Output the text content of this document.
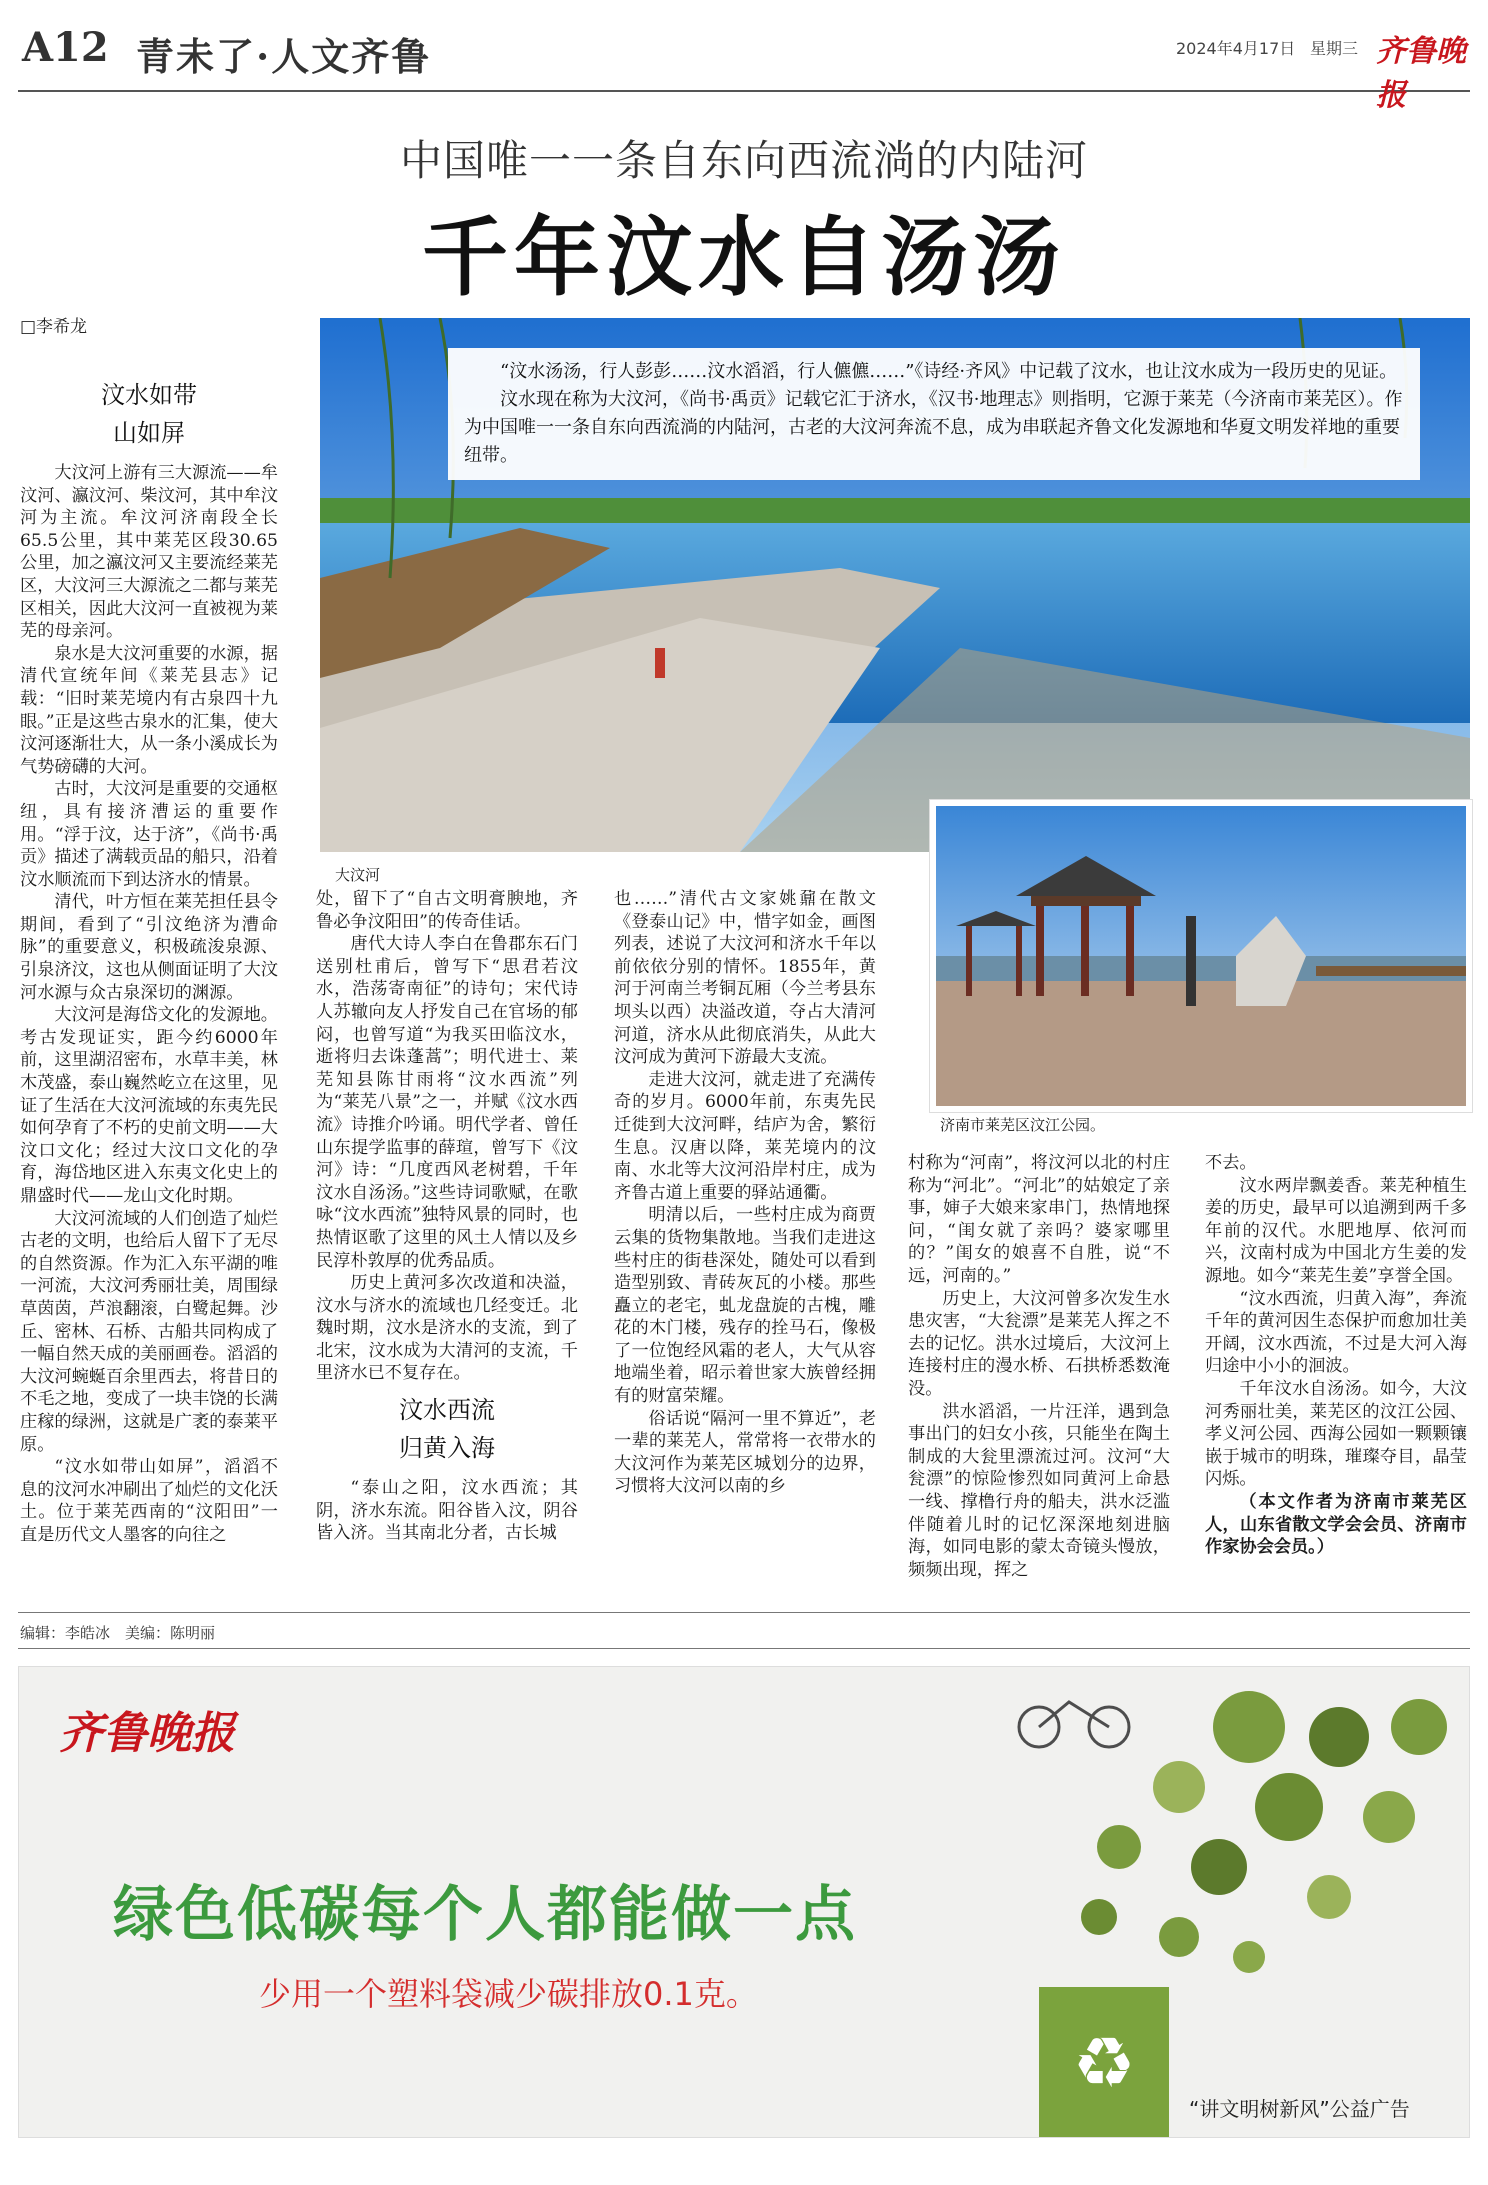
A12 青未了·人文齐鲁	2024年4月17日 星期三 齐鲁晚报
中国唯一一条自东向西流淌的内陆河
千年汶水自汤汤
□李希龙

“汶水汤汤，行人彭彭……汶水滔滔，行人儦儦……”《诗经·齐风》中记载了汶水，也让汶水成为一段历史的见证。

汶水现在称为大汶河，《尚书·禹贡》记载它汇于济水，《汉书·地理志》则指明，它源于莱芜（今济南市莱芜区）。作为中国唯一一条自东向西流淌的内陆河，古老的大汶河奔流不息，成为串联起齐鲁文化发源地和华夏文明发祥地的重要纽带。

大汶河
济南市莱芜区汶江公园。
汶水如带
山如屏

大汶河上游有三大源流——牟汶河、瀛汶河、柴汶河，其中牟汶河为主流。牟汶河济南段全长65.5公里，其中莱芜区段30.65公里，加之瀛汶河又主要流经莱芜区，大汶河三大源流之二都与莱芜区相关，因此大汶河一直被视为莱芜的母亲河。

泉水是大汶河重要的水源，据清代宣统年间《莱芜县志》记载：“旧时莱芜境内有古泉四十九眼。”正是这些古泉水的汇集，使大汶河逐渐壮大，从一条小溪成长为气势磅礴的大河。

古时，大汶河是重要的交通枢纽，具有接济漕运的重要作用。“浮于汶，达于济”，《尚书·禹贡》描述了满载贡品的船只，沿着汶水顺流而下到达济水的情景。

清代，叶方恒在莱芜担任县令期间，看到了“引汶绝济为漕命脉”的重要意义，积极疏浚泉源、引泉济汶，这也从侧面证明了大汶河水源与众古泉深切的渊源。

大汶河是海岱文化的发源地。考古发现证实，距今约6000年前，这里湖沼密布，水草丰美，林木茂盛，泰山巍然屹立在这里，见证了生活在大汶河流域的东夷先民如何孕育了不朽的史前文明——大汶口文化；经过大汶口文化的孕育，海岱地区进入东夷文化史上的鼎盛时代——龙山文化时期。

大汶河流域的人们创造了灿烂古老的文明，也给后人留下了无尽的自然资源。作为汇入东平湖的唯一河流，大汶河秀丽壮美，周围绿草茵茵，芦浪翻滚，白鹭起舞。沙丘、密林、石桥、古船共同构成了一幅自然天成的美丽画卷。滔滔的大汶河蜿蜒百余里西去，将昔日的不毛之地，变成了一块丰饶的长满庄稼的绿洲，这就是广袤的泰莱平原。

“汶水如带山如屏”，滔滔不息的汶河水冲刷出了灿烂的文化沃土。位于莱芜西南的“汶阳田”一直是历代文人墨客的向往之

处，留下了“自古文明膏腴地，齐鲁必争汶阳田”的传奇佳话。

唐代大诗人李白在鲁郡东石门送别杜甫后，曾写下“思君若汶水，浩荡寄南征”的诗句；宋代诗人苏辙向友人抒发自己在官场的郁闷，也曾写道“为我买田临汶水，逝将归去诛蓬蒿”；明代进士、莱芜知县陈甘雨将“汶水西流”列为“莱芜八景”之一，并赋《汶水西流》诗推介吟诵。明代学者、曾任山东提学监事的薛瑄，曾写下《汶河》诗：“几度西风老树碧，千年汶水自汤汤。”这些诗词歌赋，在歌咏“汶水西流”独特风景的同时，也热情讴歌了这里的风土人情以及乡民淳朴敦厚的优秀品质。

历史上黄河多次改道和决溢，汶水与济水的流域也几经变迁。北魏时期，汶水是济水的支流，到了北宋，汶水成为大清河的支流，千里济水已不复存在。

汶水西流
归黄入海

“泰山之阳，汶水西流；其阴，济水东流。阳谷皆入汶，阴谷皆入济。当其南北分者，古长城

也……”清代古文家姚鼐在散文《登泰山记》中，惜字如金，画图列表，述说了大汶河和济水千年以前依依分别的情怀。1855年，黄河于河南兰考铜瓦厢（今兰考县东坝头以西）决溢改道，夺占大清河河道，济水从此彻底消失，从此大汶河成为黄河下游最大支流。

走进大汶河，就走进了充满传奇的岁月。6000年前，东夷先民迁徙到大汶河畔，结庐为舍，繁衍生息。汉唐以降，莱芜境内的汶南、水北等大汶河沿岸村庄，成为齐鲁古道上重要的驿站通衢。

明清以后，一些村庄成为商贾云集的货物集散地。当我们走进这些村庄的街巷深处，随处可以看到造型别致、青砖灰瓦的小楼。那些矗立的老宅，虬龙盘旋的古槐，雕花的木门楼，残存的拴马石，像极了一位饱经风霜的老人，大气从容地端坐着，昭示着世家大族曾经拥有的财富荣耀。

俗话说“隔河一里不算近”，老一辈的莱芜人，常常将一衣带水的大汶河作为莱芜区城划分的边界，习惯将大汶河以南的乡

村称为“河南”，将汶河以北的村庄称为“河北”。“河北”的姑娘定了亲事，婶子大娘来家串门，热情地探问，“闺女就了亲吗？婆家哪里的？”闺女的娘喜不自胜，说“不远，河南的。”

历史上，大汶河曾多次发生水患灾害，“大瓮漂”是莱芜人挥之不去的记忆。洪水过境后，大汶河上连接村庄的漫水桥、石拱桥悉数淹没。

洪水滔滔，一片汪洋，遇到急事出门的妇女小孩，只能坐在陶土制成的大瓮里漂流过河。汶河“大瓮漂”的惊险惨烈如同黄河上命悬一线、撑橹行舟的船夫，洪水泛滥伴随着儿时的记忆深深地刻进脑海，如同电影的蒙太奇镜头慢放，频频出现，挥之

不去。

汶水两岸飘姜香。莱芜种植生姜的历史，最早可以追溯到两千多年前的汉代。水肥地厚、依河而兴，汶南村成为中国北方生姜的发源地。如今“莱芜生姜”享誉全国。

“汶水西流，归黄入海”，奔流千年的黄河因生态保护而愈加壮美开阔，汶水西流，不过是大河入海归途中小小的洄波。

千年汶水自汤汤。如今，大汶河秀丽壮美，莱芜区的汶江公园、孝义河公园、西海公园如一颗颗镶嵌于城市的明珠，璀璨夺目，晶莹闪烁。

（本文作者为济南市莱芜区人，山东省散文学会会员、济南市作家协会会员。）

编辑：李皓冰　美编：陈明丽
齐鲁晚报
绿色低碳每个人都能做一点
少用一个塑料袋减少碳排放0.1克。
♻
“讲文明树新风”公益广告
